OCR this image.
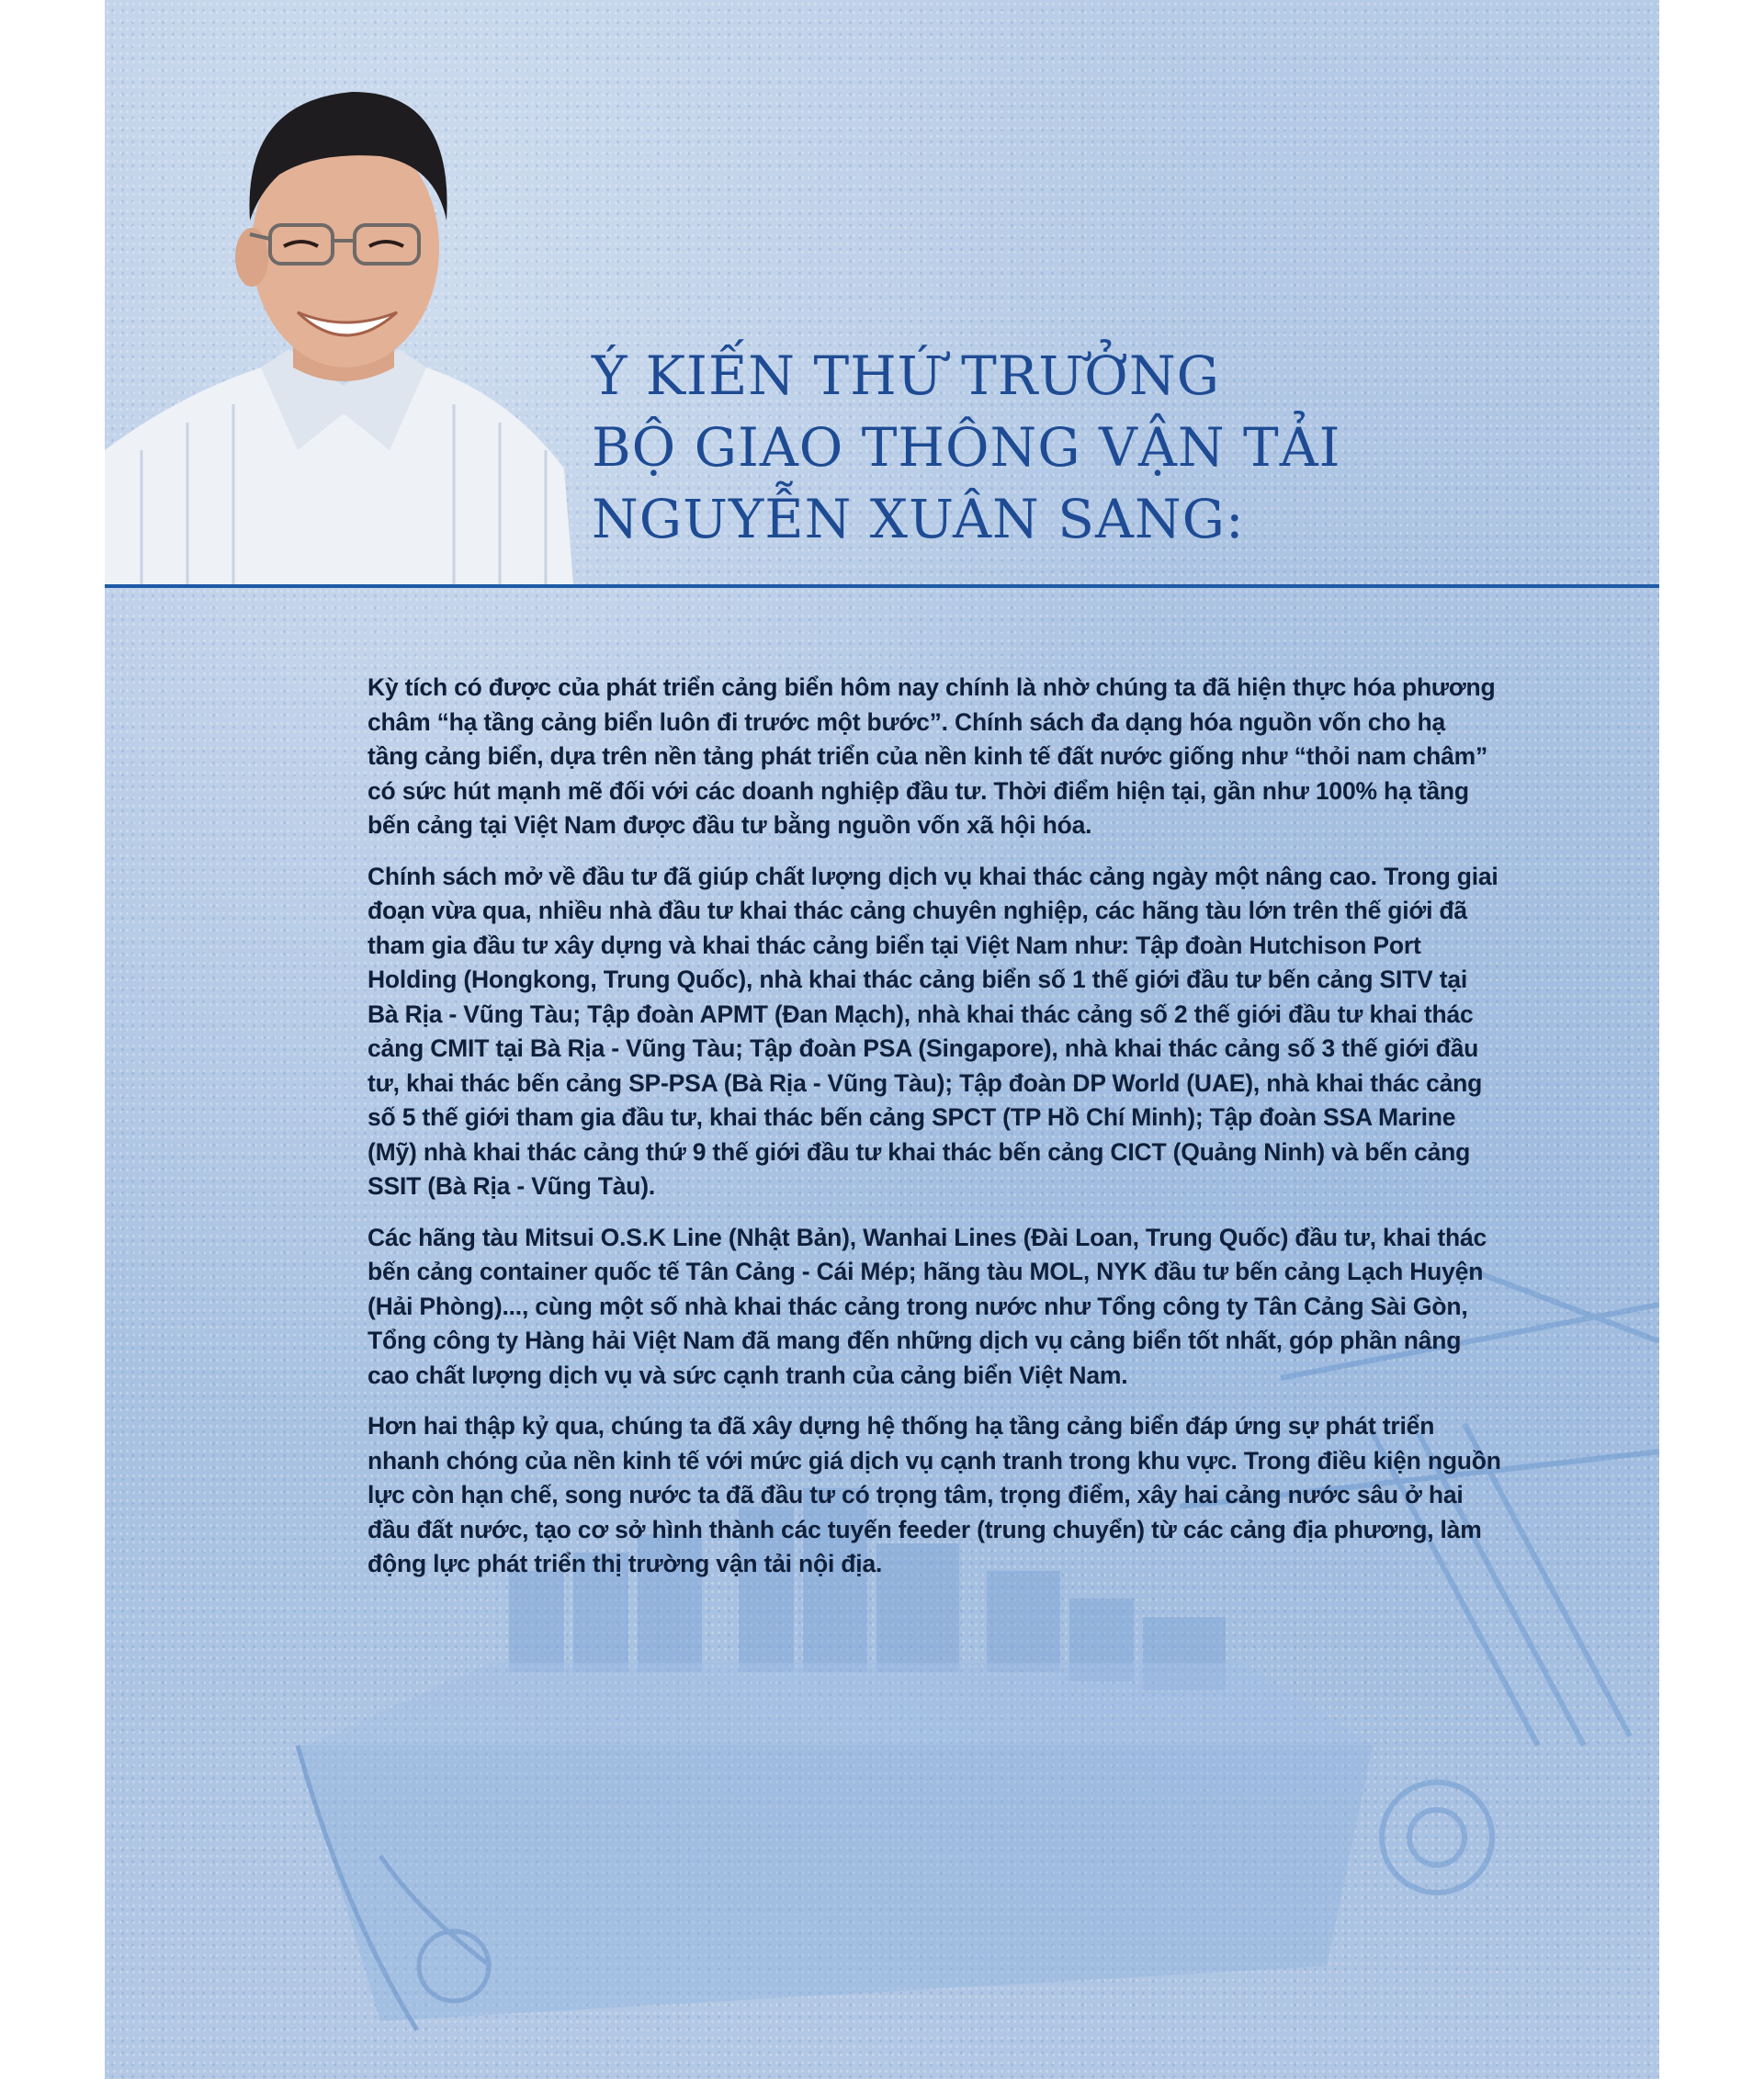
Ý KIẾN THỨ TRƯỞNG
BỘ GIAO THÔNG VẬN TẢI
NGUYỄN XUÂN SANG:

Kỳ tích có được của phát triển cảng biển hôm nay chính là nhờ chúng ta đã hiện thực hóa phương châm “hạ tầng cảng biển luôn đi trước một bước”. Chính sách đa dạng hóa nguồn vốn cho hạ tầng cảng biển, dựa trên nền tảng phát triển của nền kinh tế đất nước giống như “thỏi nam châm” có sức hút mạnh mẽ đối với các doanh nghiệp đầu tư. Thời điểm hiện tại, gần như 100% hạ tầng bến cảng tại Việt Nam được đầu tư bằng nguồn vốn xã hội hóa.

Chính sách mở về đầu tư đã giúp chất lượng dịch vụ khai thác cảng ngày một nâng cao. Trong giai đoạn vừa qua, nhiều nhà đầu tư khai thác cảng chuyên nghiệp, các hãng tàu lớn trên thế giới đã tham gia đầu tư xây dựng và khai thác cảng biển tại Việt Nam như: Tập đoàn Hutchison Port Holding (Hongkong, Trung Quốc), nhà khai thác cảng biển số 1 thế giới đầu tư bến cảng SITV tại Bà Rịa - Vũng Tàu; Tập đoàn APMT (Đan Mạch), nhà khai thác cảng số 2 thế giới đầu tư khai thác cảng CMIT tại Bà Rịa - Vũng Tàu; Tập đoàn PSA (Singapore), nhà khai thác cảng số 3 thế giới đầu tư, khai thác bến cảng SP-PSA (Bà Rịa - Vũng Tàu); Tập đoàn DP World (UAE), nhà khai thác cảng số 5 thế giới tham gia đầu tư, khai thác bến cảng SPCT (TP Hồ Chí Minh); Tập đoàn SSA Marine (Mỹ) nhà khai thác cảng thứ 9 thế giới đầu tư khai thác bến cảng CICT (Quảng Ninh) và bến cảng SSIT (Bà Rịa - Vũng Tàu).

Các hãng tàu Mitsui O.S.K Line (Nhật Bản), Wanhai Lines (Đài Loan, Trung Quốc) đầu tư, khai thác bến cảng container quốc tế Tân Cảng - Cái Mép; hãng tàu MOL, NYK đầu tư bến cảng Lạch Huyện (Hải Phòng)..., cùng một số nhà khai thác cảng trong nước như Tổng công ty Tân Cảng Sài Gòn, Tổng công ty Hàng hải Việt Nam đã mang đến những dịch vụ cảng biển tốt nhất, góp phần nâng cao chất lượng dịch vụ và sức cạnh tranh của cảng biển Việt Nam.

Hơn hai thập kỷ qua, chúng ta đã xây dựng hệ thống hạ tầng cảng biển đáp ứng sự phát triển nhanh chóng của nền kinh tế với mức giá dịch vụ cạnh tranh trong khu vực. Trong điều kiện nguồn lực còn hạn chế, song nước ta đã đầu tư có trọng tâm, trọng điểm, xây hai cảng nước sâu ở hai đầu đất nước, tạo cơ sở hình thành các tuyến feeder (trung chuyển) từ các cảng địa phương, làm động lực phát triển thị trường vận tải nội địa.
